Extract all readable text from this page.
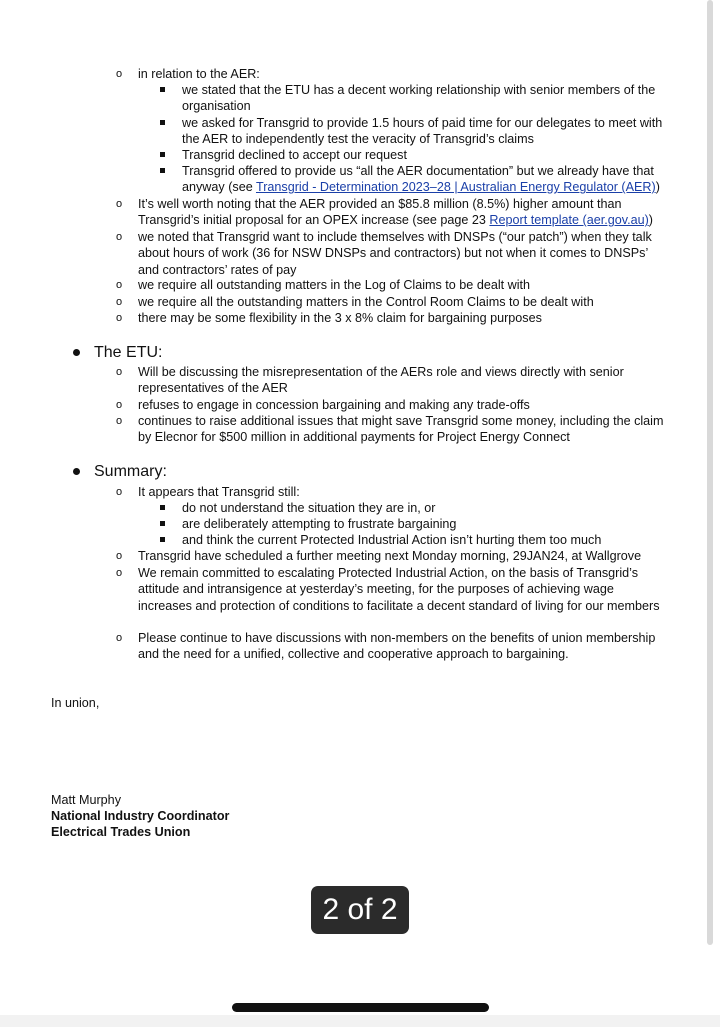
o in relation to the AER:
we stated that the ETU has a decent working relationship with senior members of the organisation
we asked for Transgrid to provide 1.5 hours of paid time for our delegates to meet with the AER to independently test the veracity of Transgrid’s claims
Transgrid declined to accept our request
Transgrid offered to provide us “all the AER documentation” but we already have that anyway (see Transgrid - Determination 2023–28 | Australian Energy Regulator (AER))
o It’s well worth noting that the AER provided an $85.8 million (8.5%) higher amount than Transgrid’s initial proposal for an OPEX increase (see page 23 Report template (aer.gov.au))
o we noted that Transgrid want to include themselves with DNSPs (“our patch”) when they talk about hours of work (36 for NSW DNSPs and contractors) but not when it comes to DNSPs’ and contractors’ rates of pay
o we require all outstanding matters in the Log of Claims to be dealt with
o we require all the outstanding matters in the Control Room Claims to be dealt with
o there may be some flexibility in the 3 x 8% claim for bargaining purposes
The ETU:
o Will be discussing the misrepresentation of the AERs role and views directly with senior representatives of the AER
o refuses to engage in concession bargaining and making any trade-offs
o continues to raise additional issues that might save Transgrid some money, including the claim by Elecnor for $500 million in additional payments for Project Energy Connect
Summary:
o It appears that Transgrid still:
do not understand the situation they are in, or
are deliberately attempting to frustrate bargaining
and think the current Protected Industrial Action isn’t hurting them too much
o Transgrid have scheduled a further meeting next Monday morning, 29JAN24, at Wallgrove
o We remain committed to escalating Protected Industrial Action, on the basis of Transgrid’s attitude and intransigence at yesterday’s meeting, for the purposes of achieving wage increases and protection of conditions to facilitate a decent standard of living for our members
o Please continue to have discussions with non-members on the benefits of union membership and the need for a unified, collective and cooperative approach to bargaining.
In union,
Matt Murphy
National Industry Coordinator
Electrical Trades Union
2 of 2
